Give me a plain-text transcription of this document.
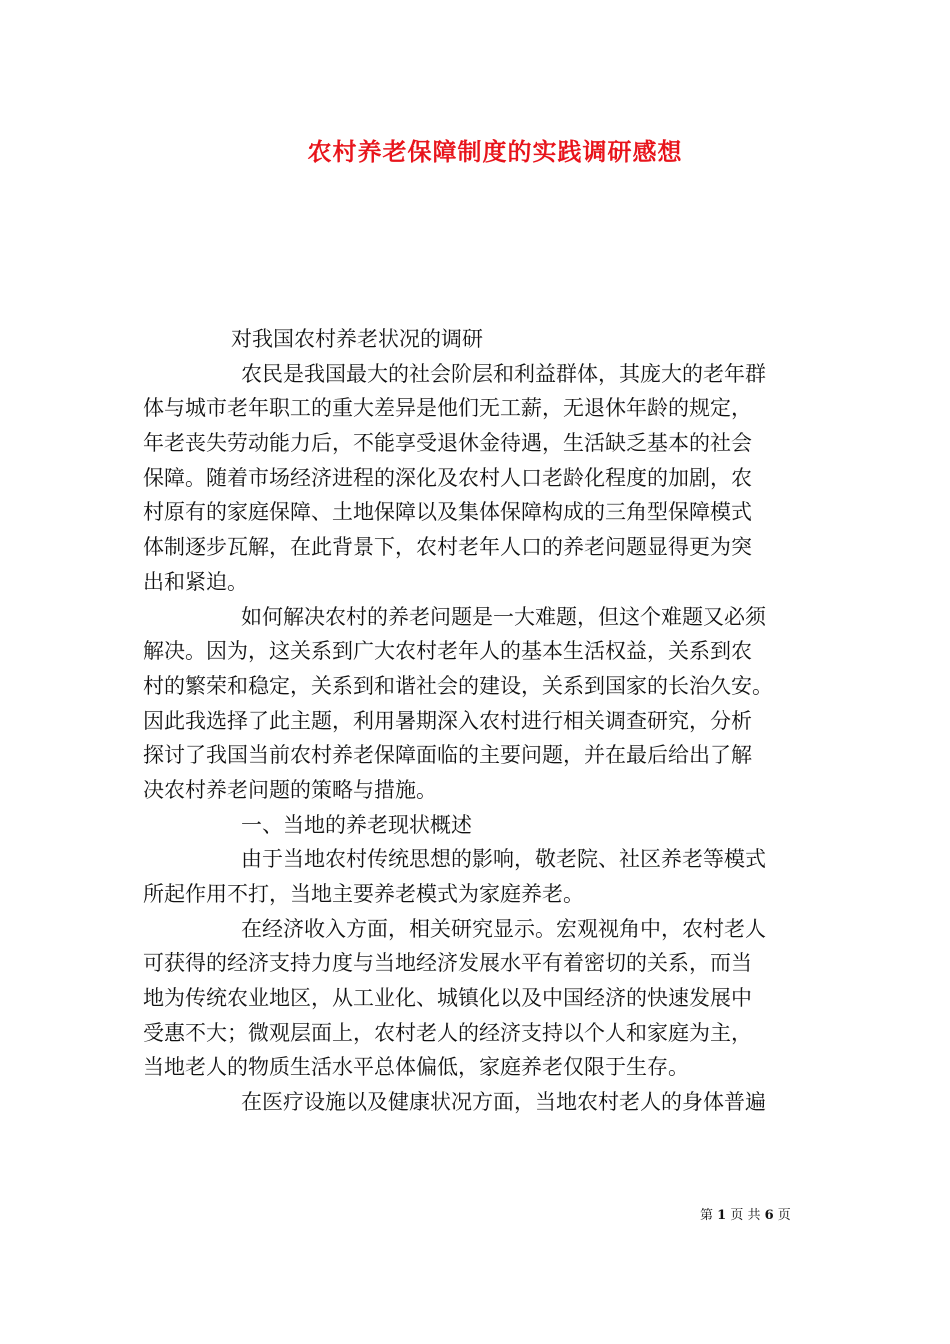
农村养老保障制度的实践调研感想
对我国农村养老状况的调研
农民是我国最大的社会阶层和利益群体，其庞大的老年群
体与城市老年职工的重大差异是他们无工薪，无退休年龄的规定，
年老丧失劳动能力后，不能享受退休金待遇，生活缺乏基本的社会
保障。随着市场经济进程的深化及农村人口老龄化程度的加剧，农
村原有的家庭保障、土地保障以及集体保障构成的三角型保障模式
体制逐步瓦解，在此背景下，农村老年人口的养老问题显得更为突
出和紧迫。
如何解决农村的养老问题是一大难题，但这个难题又必须
解决。因为，这关系到广大农村老年人的基本生活权益，关系到农
村的繁荣和稳定，关系到和谐社会的建设，关系到国家的长治久安。
因此我选择了此主题，利用暑期深入农村进行相关调查研究，分析
探讨了我国当前农村养老保障面临的主要问题，并在最后给出了解
决农村养老问题的策略与措施。
一、当地的养老现状概述
由于当地农村传统思想的影响，敬老院、社区养老等模式
所起作用不打，当地主要养老模式为家庭养老。
在经济收入方面，相关研究显示。宏观视角中，农村老人
可获得的经济支持力度与当地经济发展水平有着密切的关系，而当
地为传统农业地区，从工业化、城镇化以及中国经济的快速发展中
受惠不大；微观层面上，农村老人的经济支持以个人和家庭为主，
当地老人的物质生活水平总体偏低，家庭养老仅限于生存。
在医疗设施以及健康状况方面，当地农村老人的身体普遍
第 1 页 共 6 页
